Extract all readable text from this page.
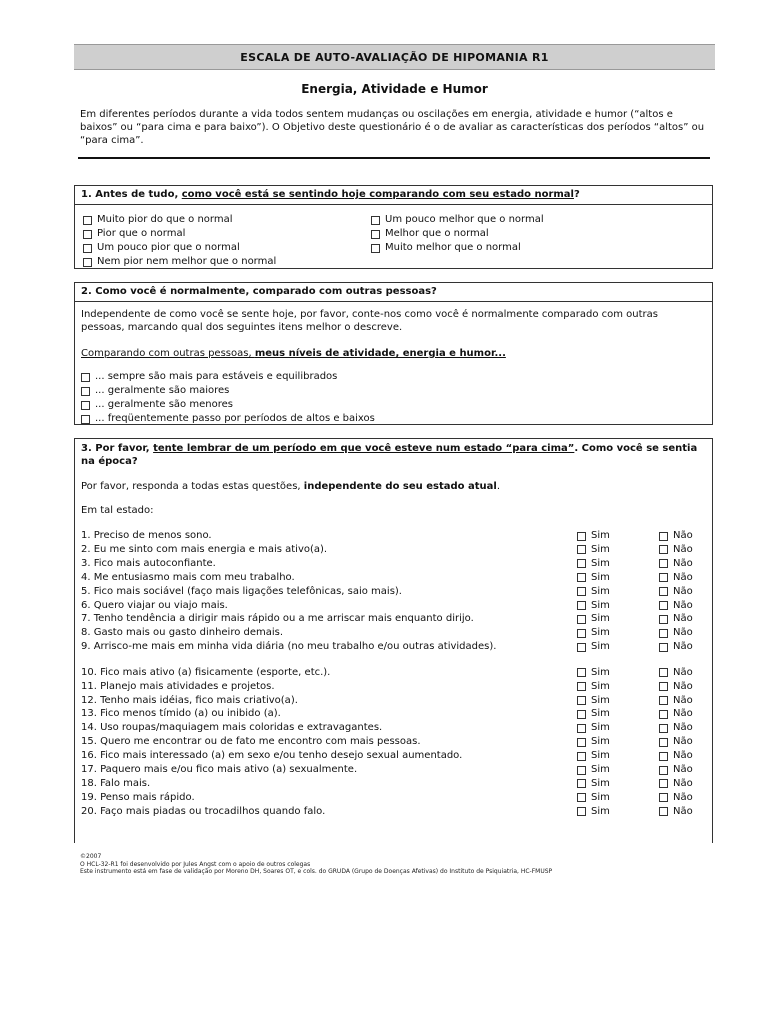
ESCALA DE AUTO-AVALIAÇÃO DE HIPOMANIA R1
Energia, Atividade e Humor
Em diferentes períodos durante a vida todos sentem mudanças ou oscilações em energia, atividade e humor (“altos e baixos” ou “para cima e para baixo”). O Objetivo deste questionário é o de avaliar as características dos períodos “altos” ou “para cima”.
1. Antes de tudo, como você está se sentindo hoje comparando com seu estado normal?
Muito pior do que o normal
Pior que o normal
Um pouco pior que o normal
Nem pior nem melhor que o normal
Um pouco melhor que o normal
Melhor que o normal
Muito melhor que o normal
2. Como você é normalmente, comparado com outras pessoas?
Independente de como você se sente hoje, por favor, conte-nos como você é normalmente comparado com outras pessoas, marcando qual dos seguintes itens melhor o descreve.
Comparando com outras pessoas, meus níveis de atividade, energia e humor...
... sempre são mais para estáveis e equilibrados
... geralmente são maiores
... geralmente são menores
... freqüentemente passo por períodos de altos e baixos
3. Por favor, tente lembrar de um período em que você esteve num estado “para cima”. Como você se sentia na época?
Por favor, responda a todas estas questões, independente do seu estado atual.
Em tal estado:
1. Preciso de menos sono.	Sim	Não
2. Eu me sinto com mais energia e mais ativo(a).	Sim	Não
3. Fico mais autoconfiante.	Sim	Não
4. Me entusiasmo mais com meu trabalho.	Sim	Não
5. Fico mais sociável (faço mais ligações telefônicas, saio mais).	Sim	Não
6. Quero viajar ou viajo mais.	Sim	Não
7. Tenho tendência a dirigir mais rápido ou a me arriscar mais enquanto dirijo.	Sim	Não
8. Gasto mais ou gasto dinheiro demais.	Sim	Não
9. Arrisco-me mais em minha vida diária (no meu trabalho e/ou outras atividades).	Sim	Não
10. Fico mais ativo (a) fisicamente (esporte, etc.).	Sim	Não
11. Planejo mais atividades e projetos.	Sim	Não
12. Tenho mais idéias, fico mais criativo(a).	Sim	Não
13. Fico menos tímido (a) ou inibido (a).	Sim	Não
14. Uso roupas/maquiagem mais coloridas e extravagantes.	Sim	Não
15. Quero me encontrar ou de fato me encontro com mais pessoas.	Sim	Não
16. Fico mais interessado (a) em sexo e/ou tenho desejo sexual aumentado.	Sim	Não
17. Paquero mais e/ou fico mais ativo (a) sexualmente.	Sim	Não
18. Falo mais.	Sim	Não
19. Penso mais rápido.	Sim	Não
20. Faço mais piadas ou trocadilhos quando falo.	Sim	Não
©2007
O HCL-32-R1 foi desenvolvido por Jules Angst com o apoio de outros colegas
Este instrumento está em fase de validação por Moreno DH, Soares OT, e cols. do GRUDA (Grupo de Doenças Afetivas) do Instituto de Psiquiatria, HC-FMUSP
